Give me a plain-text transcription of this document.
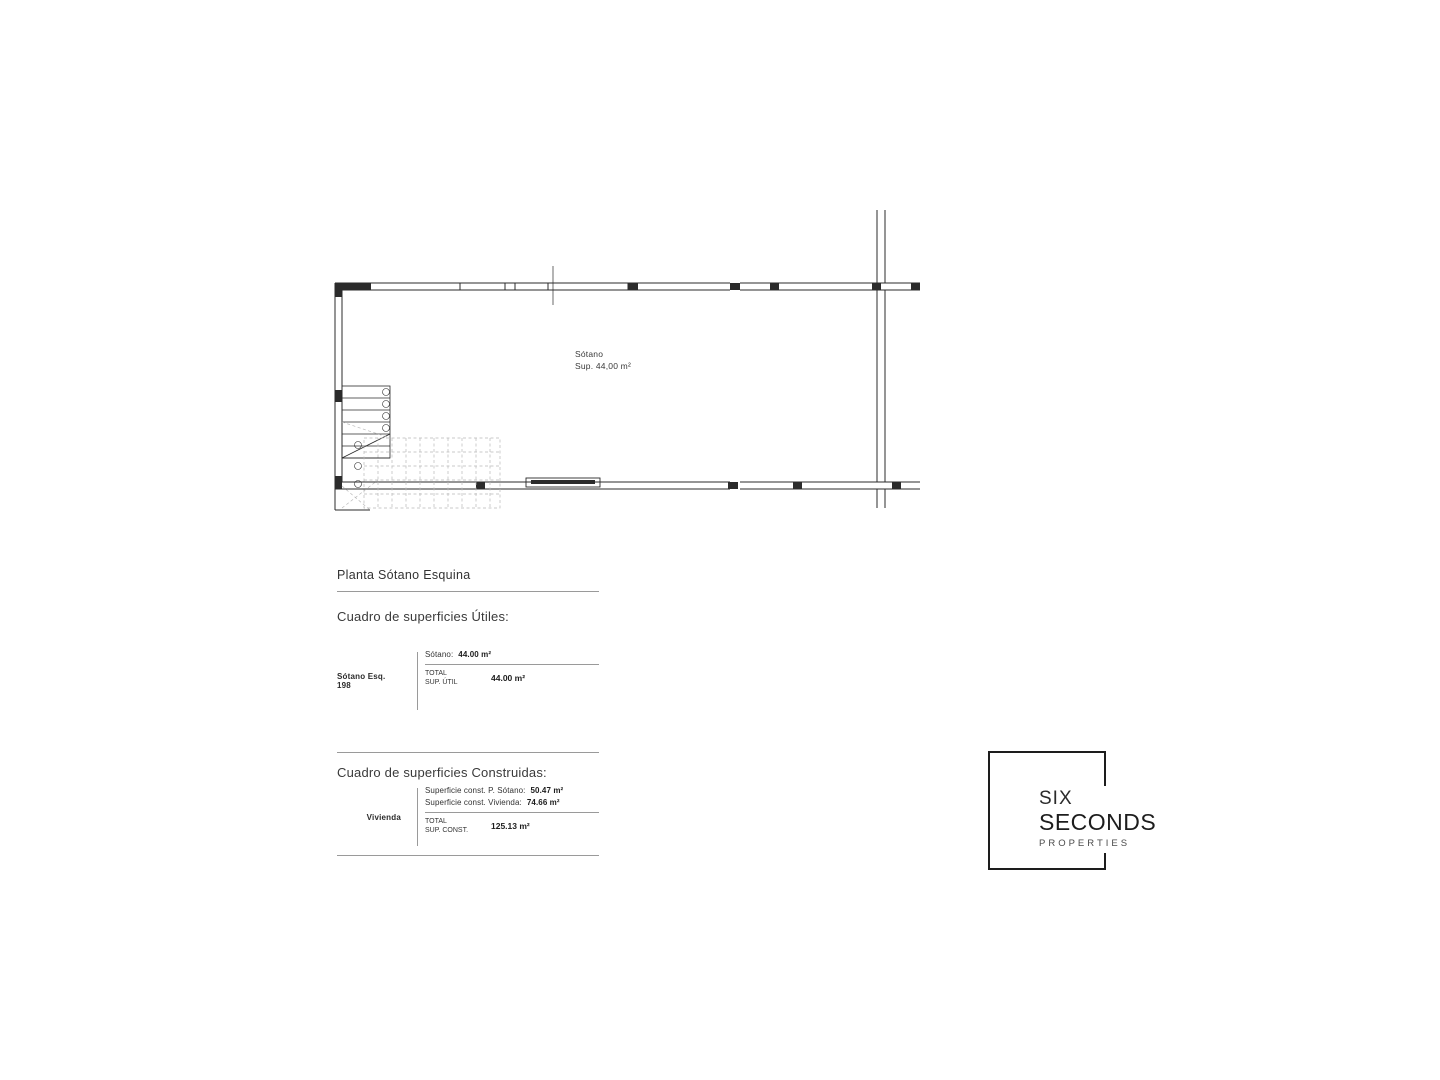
Sótano
Sup. 44,00 m²
Planta Sótano Esquina
Cuadro de superficies Útiles:
Sótano Esq. 198
Sótano: 44.00 m²
TOTAL
SUP. ÚTIL	44.00 m²
Cuadro de superficies Construidas:
Vivienda
Superficie const. P. Sótano: 50.47 m²
Superficie const. Vivienda: 74.66 m²
TOTAL
SUP. CONST.	125.13 m²
SIX
SECONDS
PROPERTIES
